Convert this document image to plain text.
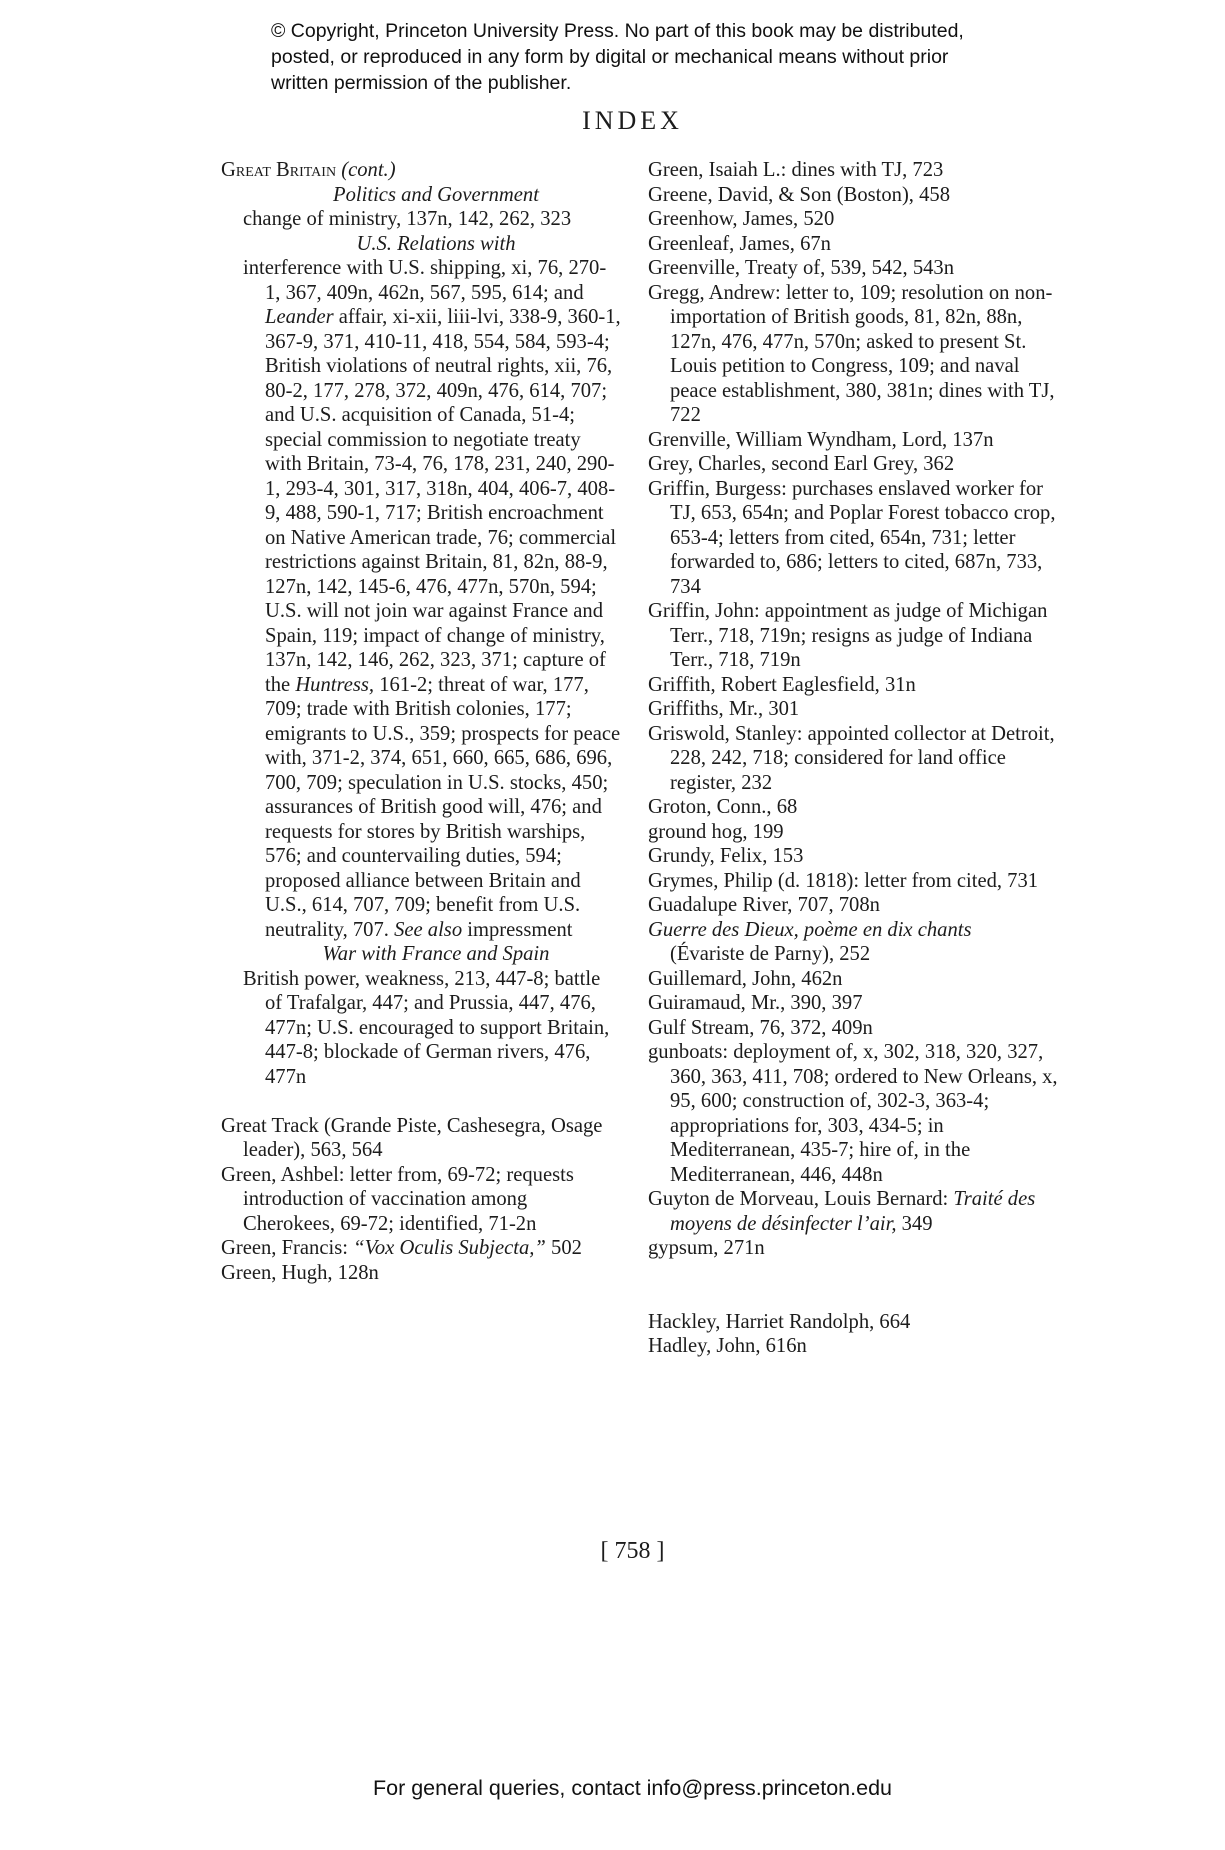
© Copyright, Princeton University Press. No part of this book may be distributed, posted, or reproduced in any form by digital or mechanical means without prior written permission of the publisher.
INDEX
Great Britain (cont.)
Politics and Government
change of ministry, 137n, 142, 262, 323
U.S. Relations with
interference with U.S. shipping, xi, 76, 270-1, 367, 409n, 462n, 567, 595, 614; and Leander affair, xi-xii, liii-lvi, 338-9, 360-1, 367-9, 371, 410-11, 418, 554, 584, 593-4; British violations of neutral rights, xii, 76, 80-2, 177, 278, 372, 409n, 476, 614, 707; and U.S. acquisition of Canada, 51-4; special commission to negotiate treaty with Britain, 73-4, 76, 178, 231, 240, 290-1, 293-4, 301, 317, 318n, 404, 406-7, 408-9, 488, 590-1, 717; British encroachment on Native American trade, 76; commercial restrictions against Britain, 81, 82n, 88-9, 127n, 142, 145-6, 476, 477n, 570n, 594; U.S. will not join war against France and Spain, 119; impact of change of ministry, 137n, 142, 146, 262, 323, 371; capture of the Huntress, 161-2; threat of war, 177, 709; trade with British colonies, 177; emigrants to U.S., 359; prospects for peace with, 371-2, 374, 651, 660, 665, 686, 696, 700, 709; speculation in U.S. stocks, 450; assurances of British good will, 476; and requests for stores by British warships, 576; and countervailing duties, 594; proposed alliance between Britain and U.S., 614, 707, 709; benefit from U.S. neutrality, 707. See also impressment
War with France and Spain
British power, weakness, 213, 447-8; battle of Trafalgar, 447; and Prussia, 447, 476, 477n; U.S. encouraged to support Britain, 447-8; blockade of German rivers, 476, 477n
Great Track (Grande Piste, Cashesegra, Osage leader), 563, 564
Green, Ashbel: letter from, 69-72; requests introduction of vaccination among Cherokees, 69-72; identified, 71-2n
Green, Francis: “Vox Oculis Subjecta,” 502
Green, Hugh, 128n
Green, Isaiah L.: dines with TJ, 723
Greene, David, & Son (Boston), 458
Greenhow, James, 520
Greenleaf, James, 67n
Greenville, Treaty of, 539, 542, 543n
Gregg, Andrew: letter to, 109; resolution on non-importation of British goods, 81, 82n, 88n, 127n, 476, 477n, 570n; asked to present St. Louis petition to Congress, 109; and naval peace establishment, 380, 381n; dines with TJ, 722
Grenville, William Wyndham, Lord, 137n
Grey, Charles, second Earl Grey, 362
Griffin, Burgess: purchases enslaved worker for TJ, 653, 654n; and Poplar Forest tobacco crop, 653-4; letters from cited, 654n, 731; letter forwarded to, 686; letters to cited, 687n, 733, 734
Griffin, John: appointment as judge of Michigan Terr., 718, 719n; resigns as judge of Indiana Terr., 718, 719n
Griffith, Robert Eaglesfield, 31n
Griffiths, Mr., 301
Griswold, Stanley: appointed collector at Detroit, 228, 242, 718; considered for land office register, 232
Groton, Conn., 68
ground hog, 199
Grundy, Felix, 153
Grymes, Philip (d. 1818): letter from cited, 731
Guadalupe River, 707, 708n
Guerre des Dieux, poème en dix chants
(Évariste de Parny), 252
Guillemard, John, 462n
Guiramaud, Mr., 390, 397
Gulf Stream, 76, 372, 409n
gunboats: deployment of, x, 302, 318, 320, 327, 360, 363, 411, 708; ordered to New Orleans, x, 95, 600; construction of, 302-3, 363-4; appropriations for, 303, 434-5; in Mediterranean, 435-7; hire of, in the Mediterranean, 446, 448n
Guyton de Morveau, Louis Bernard: Traité des moyens de désinfecter l’air, 349
gypsum, 271n
Hackley, Harriet Randolph, 664
Hadley, John, 616n
[ 758 ]
For general queries, contact info@press.princeton.edu
